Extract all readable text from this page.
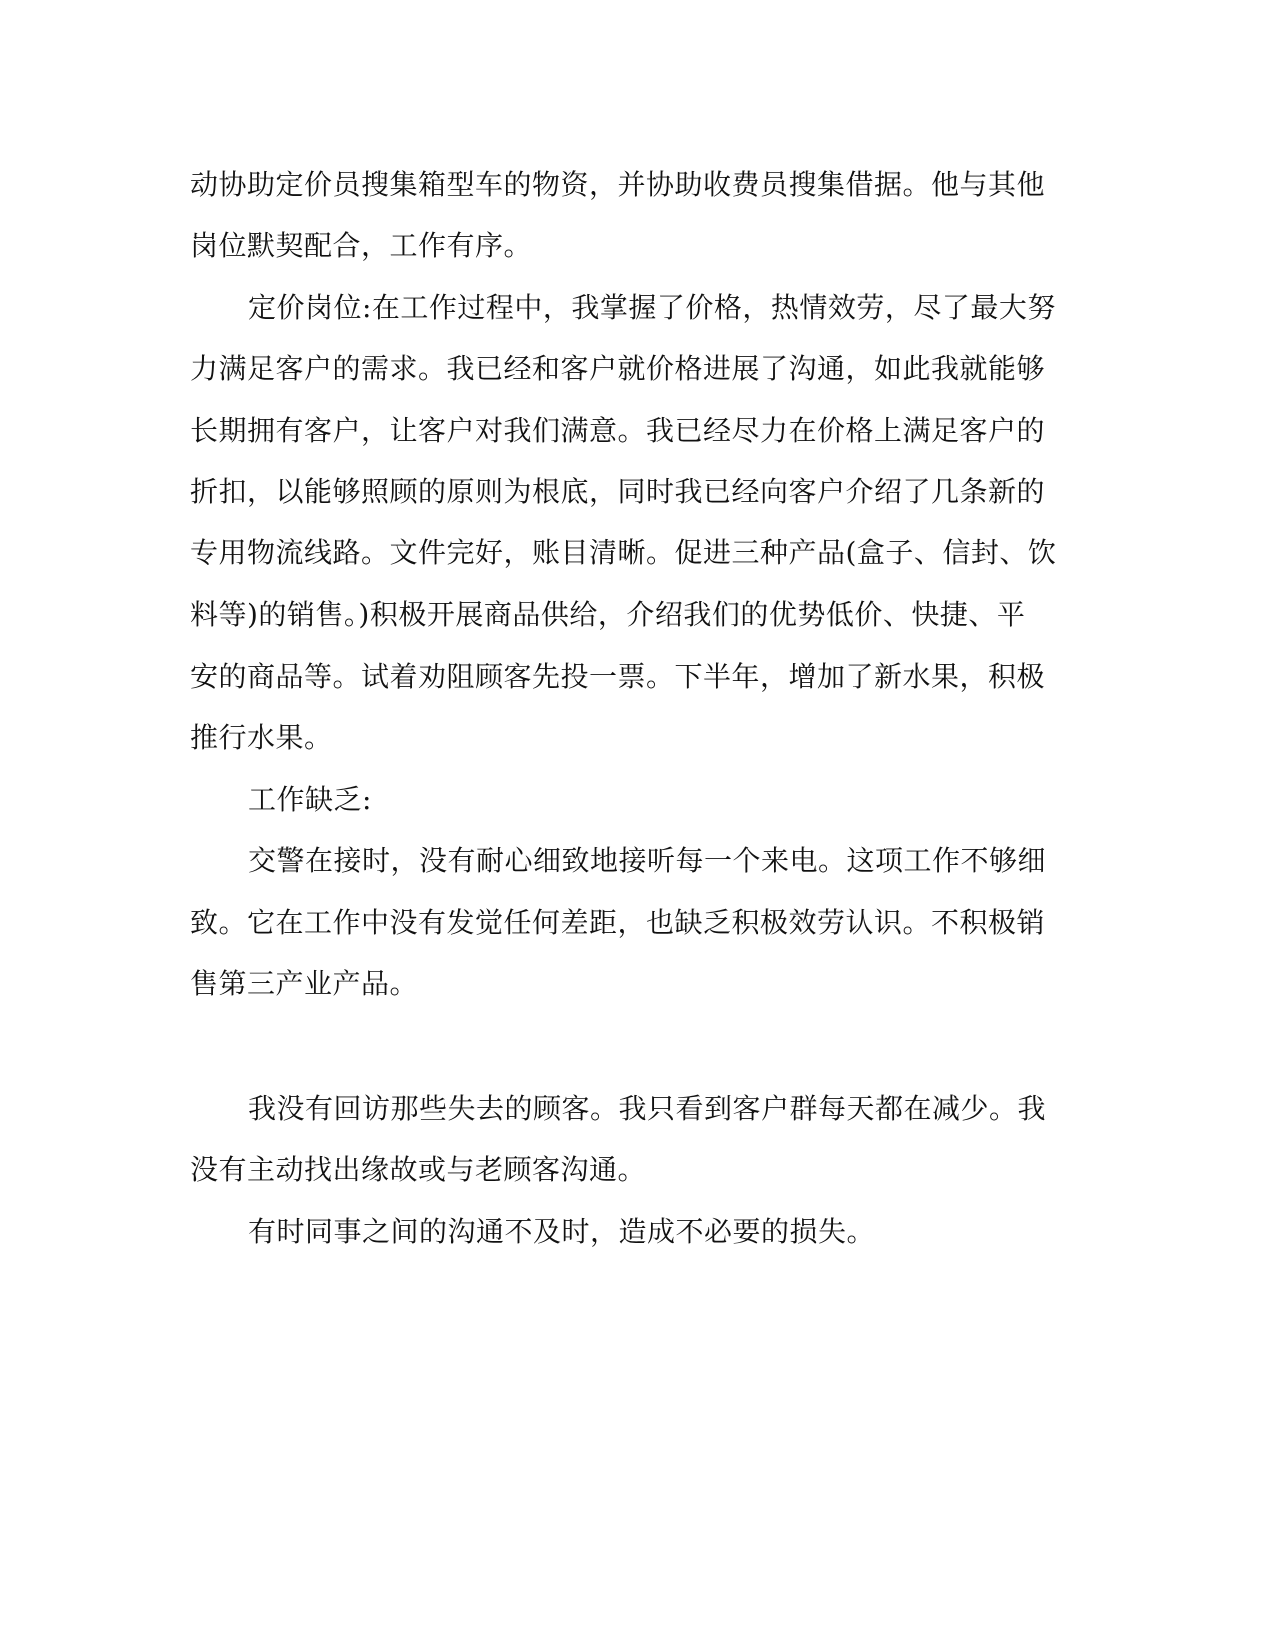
动协助定价员搜集箱型车的物资，并协助收费员搜集借据。他与其他
岗位默契配合，工作有序。
定价岗位:在工作过程中，我掌握了价格，热情效劳，尽了最大努
力满足客户的需求。我已经和客户就价格进展了沟通，如此我就能够
长期拥有客户，让客户对我们满意。我已经尽力在价格上满足客户的
折扣，以能够照顾的原则为根底，同时我已经向客户介绍了几条新的
专用物流线路。文件完好，账目清晰。促进三种产品(盒子、信封、饮
料等)的销售。)积极开展商品供给，介绍我们的优势低价、快捷、平
安的商品等。试着劝阻顾客先投一票。下半年，增加了新水果，积极
推行水果。
工作缺乏:
交警在接时，没有耐心细致地接听每一个来电。这项工作不够细
致。它在工作中没有发觉任何差距，也缺乏积极效劳认识。不积极销
售第三产业产品。
我没有回访那些失去的顾客。我只看到客户群每天都在减少。我
没有主动找出缘故或与老顾客沟通。
有时同事之间的沟通不及时，造成不必要的损失。
